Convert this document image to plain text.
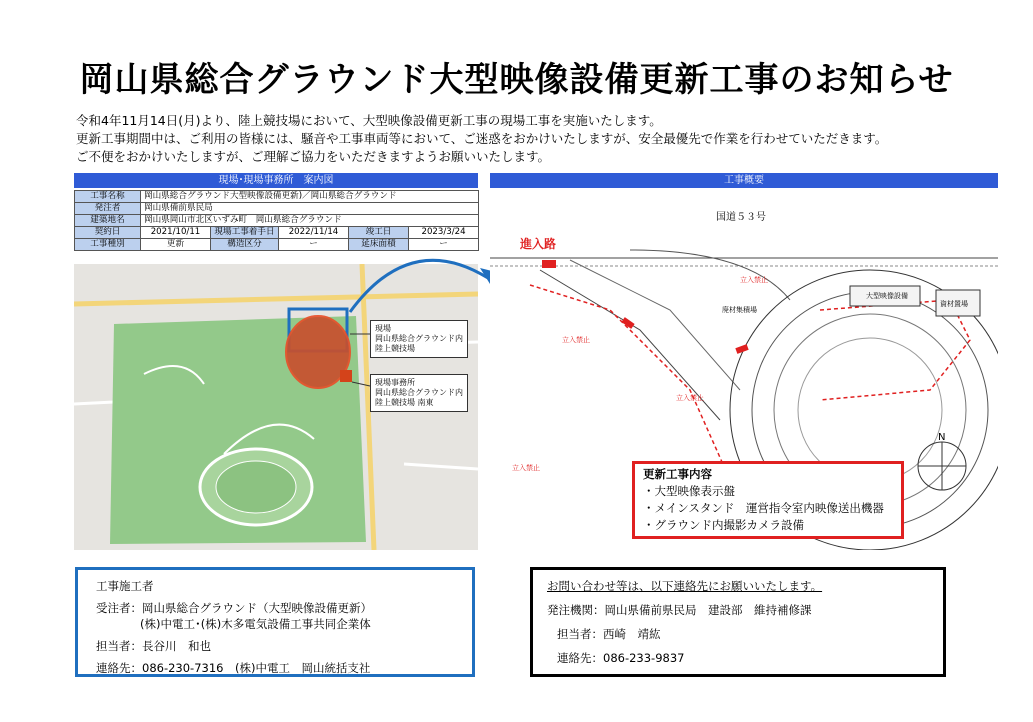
岡山県総合グラウンド大型映像設備更新工事のお知らせ
令和4年11月14日(月)より、陸上競技場において、大型映像設備更新工事の現場工事を実施いたします。
更新工事期間中は、ご利用の皆様には、騒音や工事車両等において、ご迷惑をおかけいたしますが、安全最優先で作業を行わせていただきます。
ご不便をおかけいたしますが、ご理解ご協力をいただきますようお願いいたします。
現場･現場事務所　案内図
工事名称	岡山県総合グラウンド大型映像設備更新)／岡山県総合グラウンド				
発注者	岡山県備前県民局				
建築地名	岡山県岡山市北区いずみ町　岡山県総合グラウンド				
契約日	2021/10/11	現場工事着手日	2022/11/14	竣工日	2023/3/24
工事種別	更新	構造区分	ー	延床面積	ー
現場
岡山県総合グラウンド内
陸上競技場
現場事務所
岡山県総合グラウンド内
陸上競技場 南東
工事概要
国道５３号
大型映像設備
資材置場
廃材集積場
進入路
立入禁止
立入禁止
立入禁止
立入禁止
N
更新工事内容
・大型映像表示盤
・メインスタンド　運営指令室内映像送出機器
・グラウンド内撮影カメラ設備
工事施工者
受注者：岡山県総合グラウンド（大型映像設備更新）
(株)中電工･(株)木多電気設備工事共同企業体
担当者：長谷川　和也
連絡先：086-230-7316　(株)中電工　岡山統括支社
お問い合わせ等は、以下連絡先にお願いいたします。
発注機関：岡山県備前県民局　建設部　維持補修課
担当者：西崎　靖紘
連絡先：086-233-9837
